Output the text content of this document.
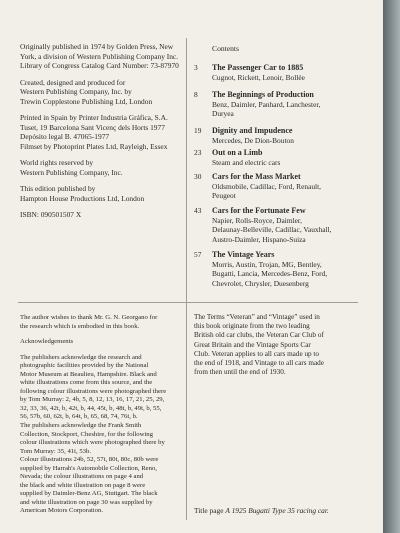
Originally published in 1974 by Golden Press, New
York, a division of Western Publishing Company Inc.
Library of Congress Catalog Card Number: 73-87970

Created, designed and produced for
Western Publishing Company, Inc. by
Trewin Copplestone Publishing Ltd, London

Printed in Spain by Printer Industria Gráfica, S.A.
Tuset, 19 Barcelona Sant Vicenç dels Horts 1977
Depósito legal B. 47065-1977
Filmset by Photoprint Plates Ltd, Rayleigh, Essex

World rights reserved by
Western Publishing Company, Inc.

This edition published by
Hampton House Productions Ltd, London

ISBN: 090501507 X

Contents
3	The Passenger Car to 1885
Cugnot, Rickett, Lenoir, Bollée
8	The Beginnings of Production
Benz, Daimler, Panhard, Lanchester,
Duryea
19	Dignity and Impudence
Mercedes, De Dion-Bouton
23	Out on a Limb
Steam and electric cars
30	Cars for the Mass Market
Oldsmobile, Cadillac, Ford, Renault,
Peugeot
43	Cars for the Fortunate Few
Napier, Rolls-Royce, Daimler,
Delaunay-Belleville, Cadillac, Vauxhall,
Austro-Daimler, Hispano-Suiza
57	The Vintage Years
Morris, Austin, Trojan, MG, Bentley,
Bugatti, Lancia, Mercedes-Benz, Ford,
Chevrolet, Chrysler, Duesenberg

The author wishes to thank Mr. G. N. Georgano for
the research which is embodied in this book.

Acknowledgements

The publishers acknowledge the research and
photographic facilities provided by the National
Motor Museum at Beaulieu, Hampshire. Black and
white illustrations come from this source, and the
following colour illustrations were photographed there
by Tom Murray: 2, 4b, 5, 8, 12, 13, 16, 17, 21, 25, 29,
32, 33, 36, 42t, b, 42t, b, 44, 45t, b, 48t, b, 49t, b, 55,
56, 57b, 60, 62t, b, 64t, b, 65, 68, 74, 76t, b.
The publishers acknowledge the Frank Smith
Collection, Stockport, Cheshire, for the following
colour illustrations which were photographed there by
Tom Murray: 35, 41t, 53b.
Colour illustrations 24b, 52, 57t, 80t, 80c, 80b were
supplied by Harrah's Automobile Collection, Reno,
Nevada; the colour illustrations on page 4 and
the black and white illustration on page 8 were
supplied by Daimler-Benz AG, Stuttgart. The black
and white illustration on page 30 was supplied by
American Motors Corporation.

The Terms “Veteran” and “Vintage” used in
this book originate from the two leading
British old car clubs, the Veteran Car Club of
Great Britain and the Vintage Sports Car
Club. Veteran applies to all cars made up to
the end of 1918, and Vintage to all cars made
from then until the end of 1930.
Title page A 1925 Bugatti Type 35 racing car.
